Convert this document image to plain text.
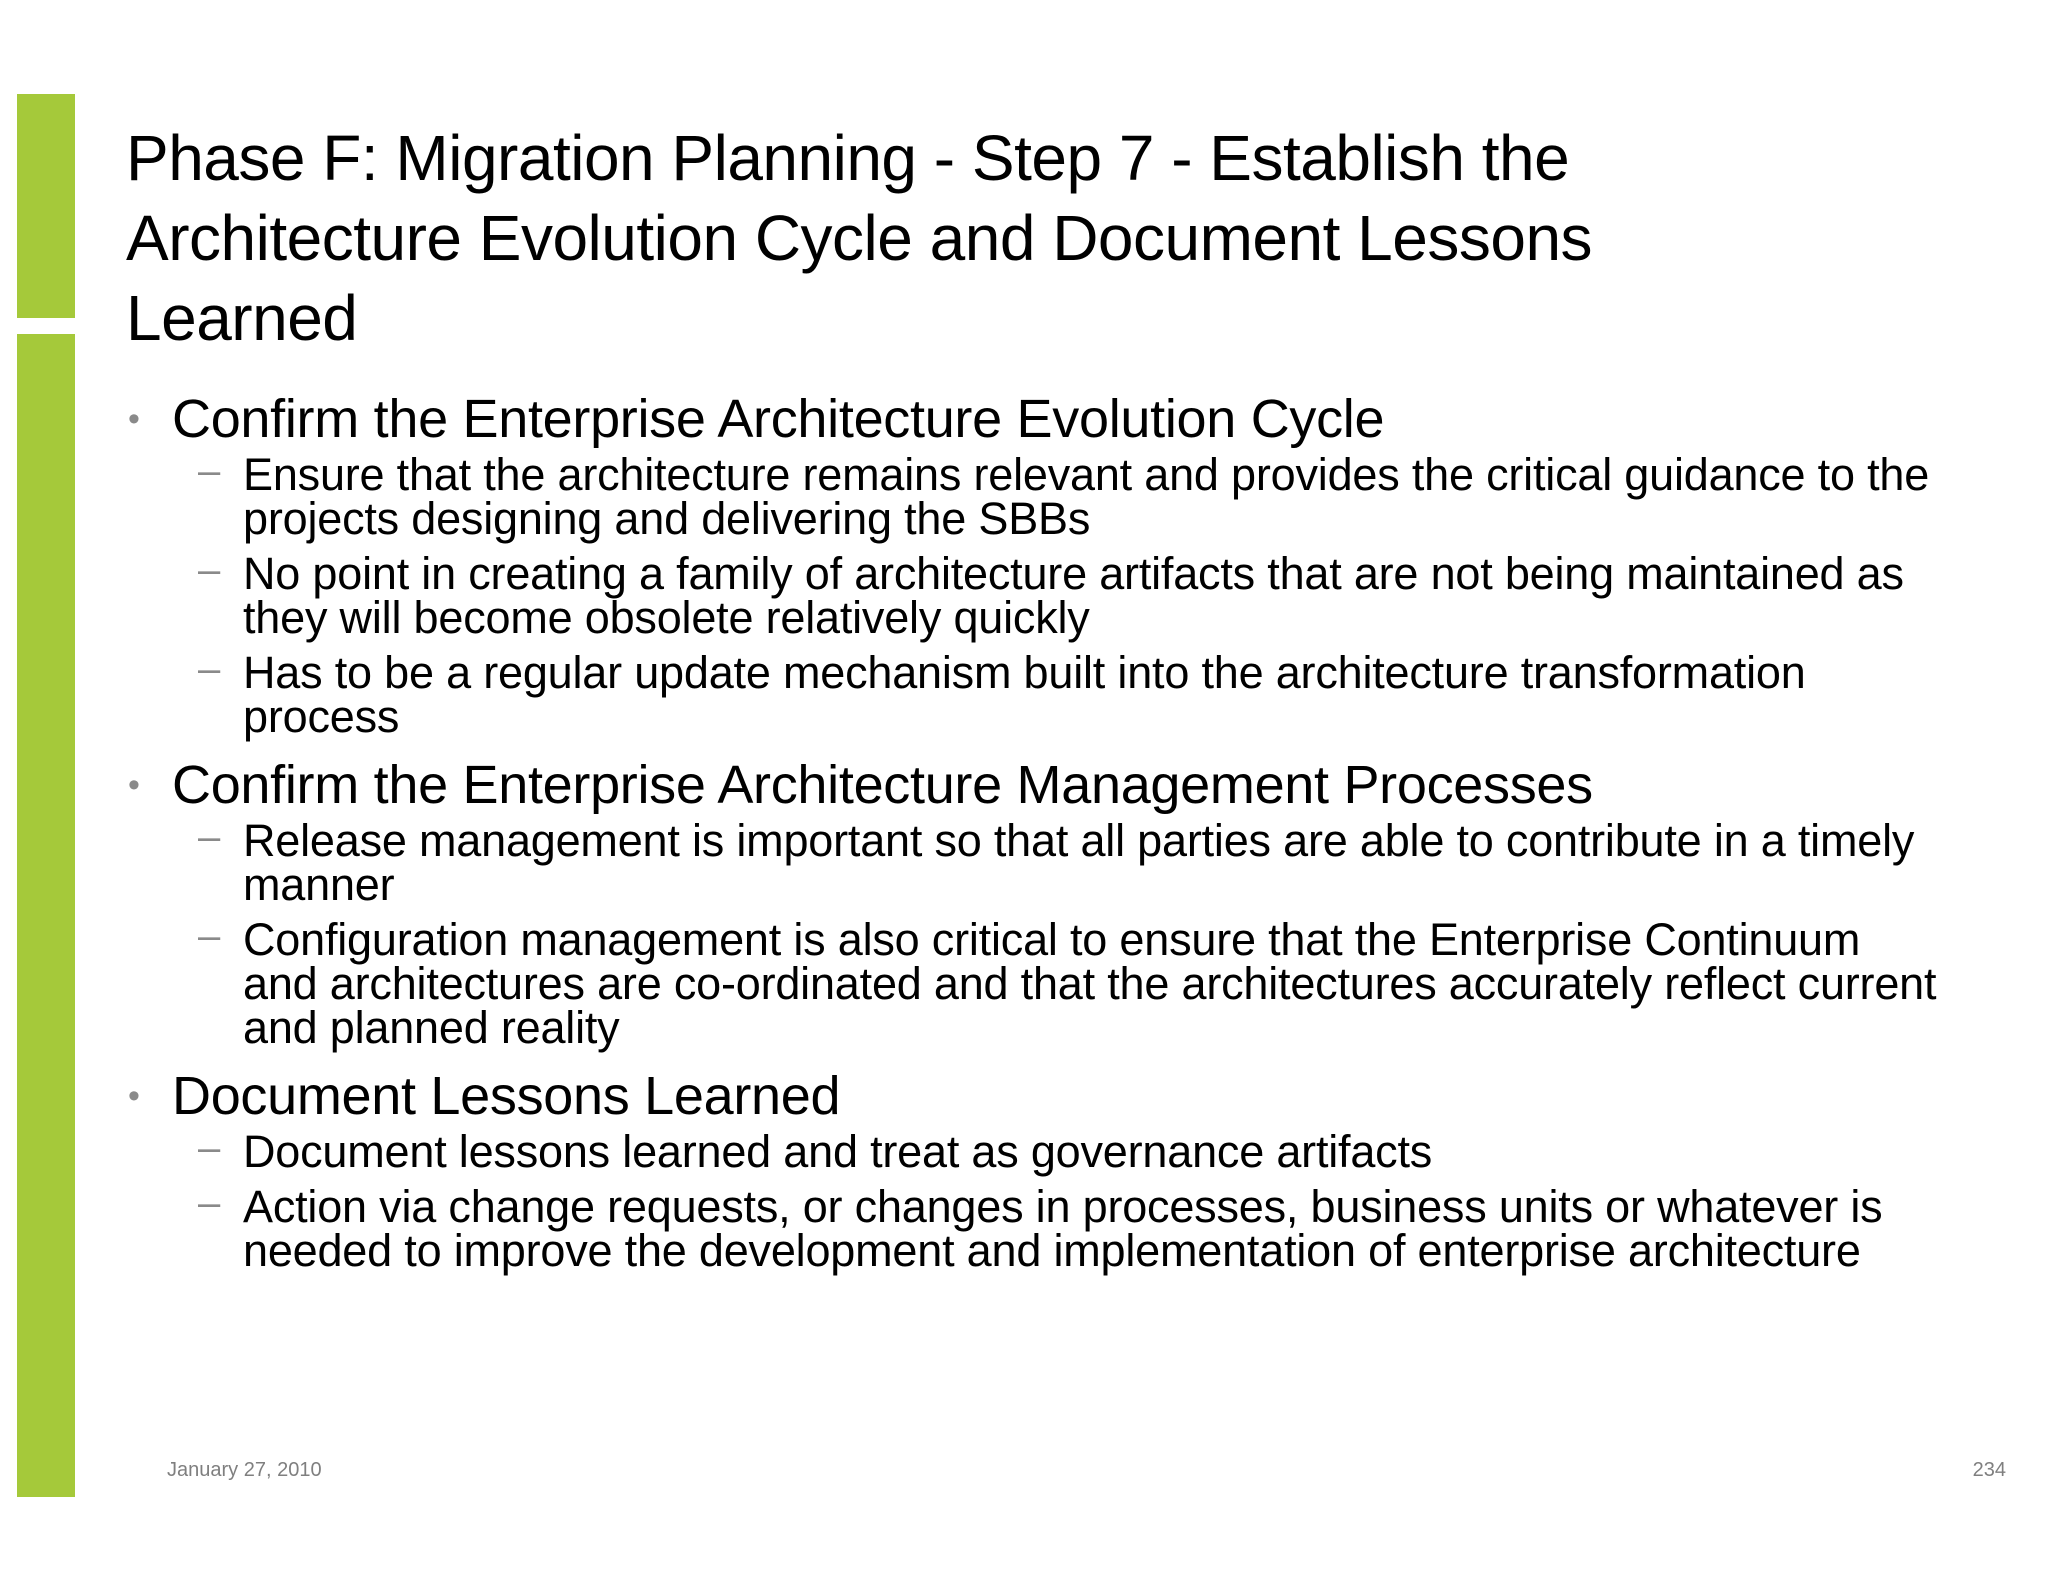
Phase F: Migration Planning - Step 7 - Establish the Architecture Evolution Cycle and Document Lessons Learned
• Confirm the Enterprise Architecture Evolution Cycle
– Ensure that the architecture remains relevant and provides the critical guidance to the projects designing and delivering the SBBs
– No point in creating a family of architecture artifacts that are not being maintained as they will become obsolete relatively quickly
– Has to be a regular update mechanism built into the architecture transformation process
• Confirm the Enterprise Architecture Management Processes
– Release management is important so that all parties are able to contribute in a timely manner
– Configuration management is also critical to ensure that the Enterprise Continuum and architectures are co-ordinated and that the architectures accurately reflect current and planned reality
• Document Lessons Learned
– Document lessons learned and treat as governance artifacts
– Action via change requests, or changes in processes, business units or whatever is needed to improve the development and implementation of enterprise architecture
January 27, 2010	234
